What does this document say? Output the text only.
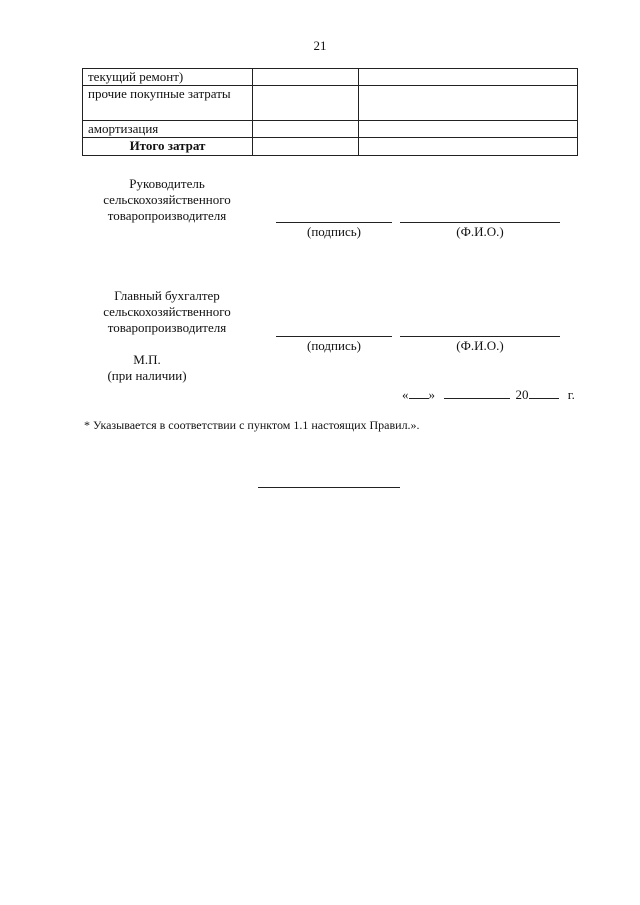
21
текущий ремонт)		
прочие покупные затраты		
амортизация		
Итого затрат		
Руководитель
сельскохозяйственного
товаропроизводителя
(подпись)	(Ф.И.О.)
Главный бухгалтер
сельскохозяйственного
товаропроизводителя
(подпись)	(Ф.И.О.)
М.П.
(при наличии)
« »	20	г.
* Указывается в соответствии с пунктом 1.1 настоящих Правил.».
